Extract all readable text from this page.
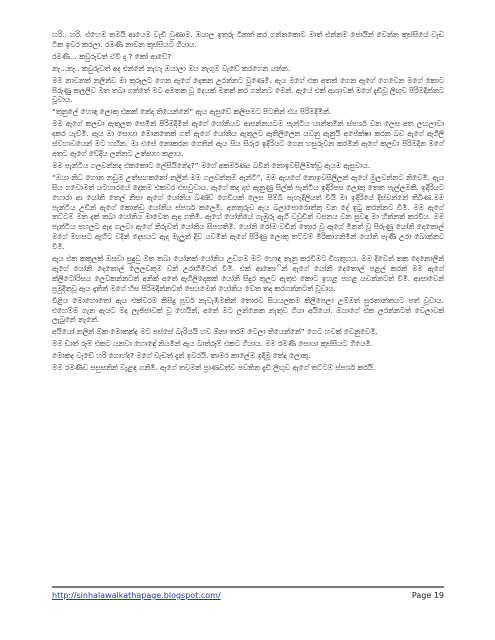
හරි.. හරි. එහෙම තමයි ආයෙම වැඩි වුණාම. ඔයාල ඉතුරු ටිකත් කර ගන්නකොට මාත් එන්නම් ජොයින් වෙන්න කුස්සියේ වැඩ ටික ඉවර කරලා. රමණී නාවන කුස්සියට ගියාය.

රමණී... කවුරුවත් ඒවි ද ? කෝ ආවේ?

නෑ...නෑ.. කවුරුවත් අද එන්නේ නැහැ ඔයාලා ඔය නැගුම වැඩේ කරගෙන යන්න.

මම නාවනත් නලින්ව මා කුරුලට ගෙන ඇගේ දෙකන උරන්නට වුණෙමි. ඇය මගේ එක අතක් ගෙන ඇගේ ගෙවෙන මගේ කොට පිරුණු කලලිව මත තබා ගත්තේ මට අමතක වූ දෙයක් මතක් කර ගන්නට මෙන්. ඇයේ එක් ආශාවක් මගේ දැඩිවූ ලිඟුව පිරිමදින්නට වූවාය.

“තුනුලේ හොඳ ලොකු එකක් නේද තියෙන්නේ” ඇය ඇසුවේ කලිසමට පිටතින් එය පිරිමදිමින්.

මම ඇගේ කලවා ඇතුලත සෙමින් පිරිමදිමින් ඇගේ යෝනියට ආසන්නයටම පැන්ටිය යාන්තමින් ස්පර්ශ වන ලෙස අත ලඟලාවා දකර යැව්මි. ඇය මා සොයා මොනතෙක් ගත් ඇගේ යෝනිය ඇතුලට ඇතිලිලෙන යවනු ඇනුයි අපේක්ෂා කරන බව ඇගේ ඇගිලි ස්වහාවයෙන් මට හඟින. මා එසේ නොකරන ගෙතින් ඇය සිය සිරුර ඉදිරියට ගෙන හසුරුවන කරමින් ඇගේ කලවා පිරිමදින මගේ අතට ඇගේ වේදිය ලන්නට උත්සාහ කළාය.

මම පැන්ටිය ගලවන්නද එකකොට ලේසියිනේද?” මගේ අකර්මණ්‍ය බවින් නොඉවසිලිමත්වූ ඇයම ඇසුවාය.

“ඔයා නිධ ගොන නඩුම උත්සහකනෝ නලින් මම ගලවන්නම් ඇන්ටි”, මම ඇයගේ නොඉවසිලිලන් ඇයේ මුලවන්නට නිවෙමි. ඇය සිය ගවොමත් යටහාරයේ දෙකම එකවර එසවුවාය. ඇගේ කද දළු ඇනුණු සිල්ක් පැන්ටිය ඉදිරිපස ලොකු තෙත පැල්ලමකි. ඉදිරියට හොරා ආ යෝනි තෙල් නිසා ඇගේ යෝනිය බණ්ඩ් ගෙඩියක් ලෙස පිම්බී පැහැදිලියත් වියි මා ඉදිරියේ දිස්වන්නේ තිබිණ.මම පැන්ටිය උඩින් ඇගේ කොන්ඩු යෝනිය ස්පර්ශ කලෙමි. අනතුරුව ඇය බලාපොරොත්තු වන දේ ඉටු කරන්නට විමි. මම ඇගේ තට්ටම් මත දක් තබා යෝනිය මාවෙත ඇද ගතිමි. ඇගේ යෝනියේ ගැඹුරු ඇගී වවුඩින් වසනය වන සුවඳ මා හින්නත් කරවිය. මම පැන්ටිය පහලට ඇද ගලවා ඇගේ නිරුවත් යෝනිය සිපගතිමි. යෝනි රෝම වඩින් තොර වූ ඇගේ මිනත් වූ පිරුණු යෝනි දෙතොල් මගේ මහසට ඇහිට වදින් දෙසයට ඇද මැලුත් දිව යවමින් ඇගේ පිරිණු ලොකු තට්ටම් මිරිකාගනිමින් යෝනි පැණි උරා බොන්නට විමි.

ඇය එක කකුලක් ඔසවා සුදුවු මත තබා යෝනක් යෝනිය උඩගම මට හොඳ තැනු කරවිමට විශතූහය. මම දිවෙන් තක දෙනොලින් ඇගේ යෝනි දෙතොල් ලෙලවකුම වන් උරාගිමිටත් වීමි. එක් ආකොින් ඇගේ යෝනි දෙතොල් පළල් කරන් මම ඇගේ ක්ලිටෝරිසය ලෙවකන්නටත් අනික් අතේ ඇගිලිදෙකක් යෝනි සිදුර තුලට ඇතුළු කොට ඉහළ පහළ යවන්නටත් වීමි. ආසාවෙන් ප්‍රමුදිතවූ ඇය දෑතින් මගේ හිස පිරිමදින්නටත් සෙයමෙන් යෝනිය වෙත තද කරගන්නටත් වූවාය.

විළිය මොහොතෝ ඇය එක්වරම කිසිදු පූර්ව නැවැඹීමකින් තොරව සියයලකම කිලිපෙලා උම්මත් සුරතාන්තයට පත් වූවාය. එහෙම්ම ගැන ඇයට මද ලැජ්ජාවක් වූ හෙයින්, අනේ මට ලන්නෙක නැතුව ගියා අයියෝ. ඔයාගේ එක ලරන්නටත් වෙලාවක් ලැබුනේ නැනේ.

අයියෝ නලින් ඕක මොකක්ද මට පස්සේ බැරියයි හව ඕනා තරම් වෙලා තියෙන්නේ” ගෙට හවක් වෙනුවෙමි.

මම ඩාත් රූම් එකට යනවා හොඳේ නියමින් ඇය බාත්රූම් එකට ගියාය. මම රමණි සොයා කුස්සියට ගියෙමි.

මොකද වැඩේ හරි ගොහ්ද? මගේ වැඩත් දැන් ඉවරයි. කාමර කාලේම ඉදිමූ තේද ලොකු.

මම රමණීව සසුසනින් වැළඳ ගනිමි. ඇගේ තවමත් ප්‍රාණවත්ව පවතින දැඩි ලිඟුව ඇගේ තට්ටම් ස්පර්ශ කරයි.

http://sinhalawalkathapage.blogspot.com/	Page 19
